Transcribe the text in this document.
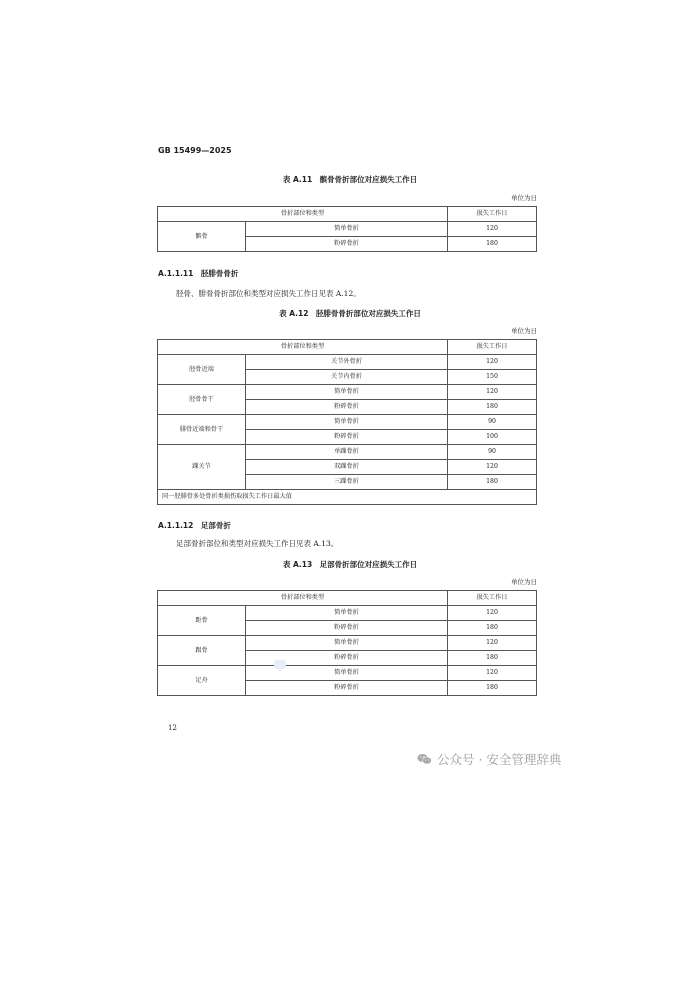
GB 15499—2025
表 A.11　髌骨骨折部位对应损失工作日
单位为日
骨折部位和类型		损失工作日
髌骨	简单骨折	120
	粉碎骨折	180
A.1.1.11　胫腓骨骨折
胫骨、腓骨骨折部位和类型对应损失工作日见表 A.12。
表 A.12　胫腓骨骨折部位对应损失工作日
单位为日
骨折部位和类型		损失工作日
胫骨近端	关节外骨折	120
	关节内骨折	150
胫骨骨干	简单骨折	120
	粉碎骨折	180
腓骨近端和骨干	简单骨折	90
	粉碎骨折	100
踝关节	单踝骨折	90
	双踝骨折	120
	三踝骨折	180
同一胫腓骨多处骨折类损伤取损失工作日最大值		
A.1.1.12　足部骨折
足部骨折部位和类型对应损失工作日见表 A.13。
表 A.13　足部骨折部位对应损失工作日
单位为日
骨折部位和类型		损失工作日
距骨	简单骨折	120
	粉碎骨折	180
跟骨	简单骨折	120
	粉碎骨折	180
足舟	简单骨折	120
	粉碎骨折	180
12
公众号 · 安全管理辞典
